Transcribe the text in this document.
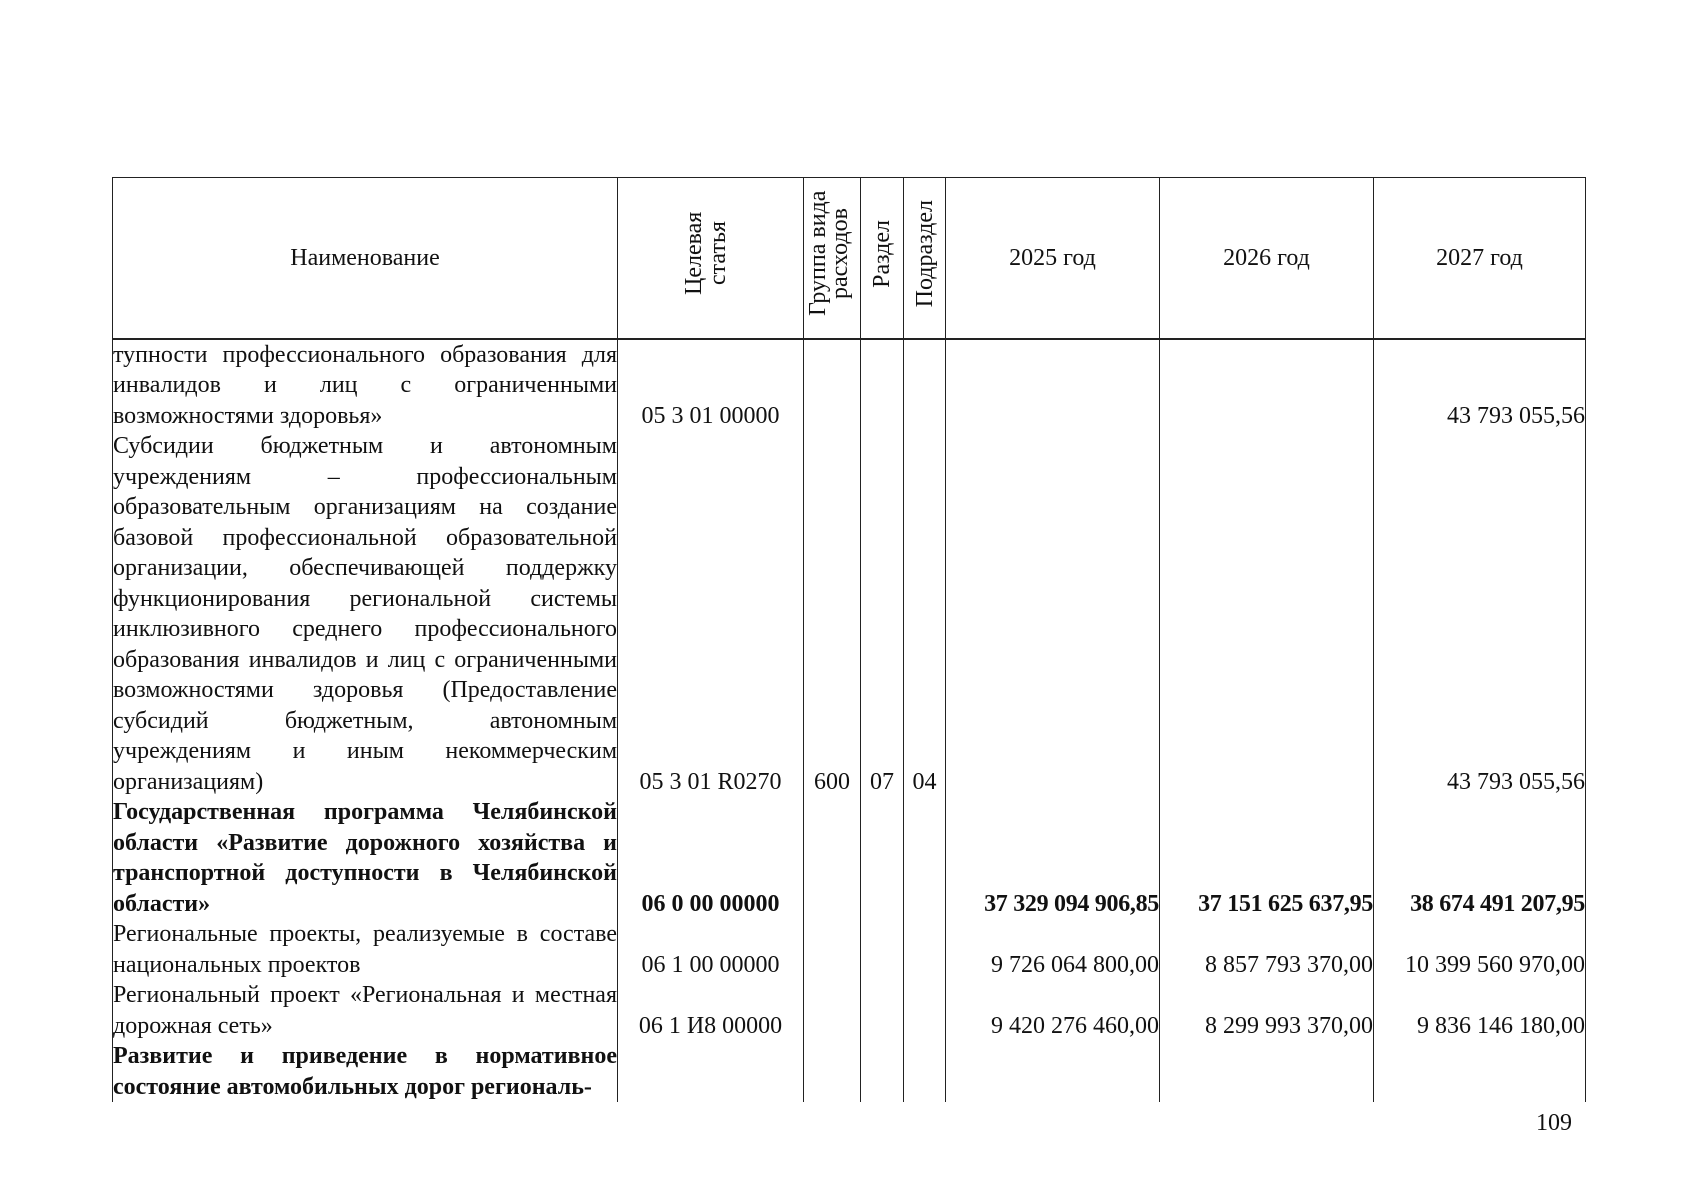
Наименование	Целевая статья	Группа вида расходов	Раздел	Подраздел	2025 год	2026 год	2027 год
тупности профессионального образования для инвалидов и лиц с ограниченными возможностями здоровья»	05 3 01 00000						43 793 055,56
Субсидии бюджетным и автономным учреждениям – профессиональным образовательным организациям на создание базовой профессиональной образовательной организации, обеспечивающей поддержку функционирования региональной системы инклюзивного среднего профессионального образования инвалидов и лиц с ограниченными возможностями здоровья (Предоставление субсидий бюджетным, автономным учреждениям и иным некоммерческим организациям)	05 3 01 R0270	600	07	04			43 793 055,56
Государственная программа Челябинской области «Развитие дорожного хозяйства и транспортной доступности в Челябинской области»	06 0 00 00000				37 329 094 906,85	37 151 625 637,95	38 674 491 207,95
Региональные проекты, реализуемые в составе национальных проектов	06 1 00 00000				9 726 064 800,00	8 857 793 370,00	10 399 560 970,00
Региональный проект «Региональная и местная дорожная сеть»	06 1 И8 00000				9 420 276 460,00	8 299 993 370,00	9 836 146 180,00
Развитие и приведение в нормативное состояние автомобильных дорог региональ-							
109
